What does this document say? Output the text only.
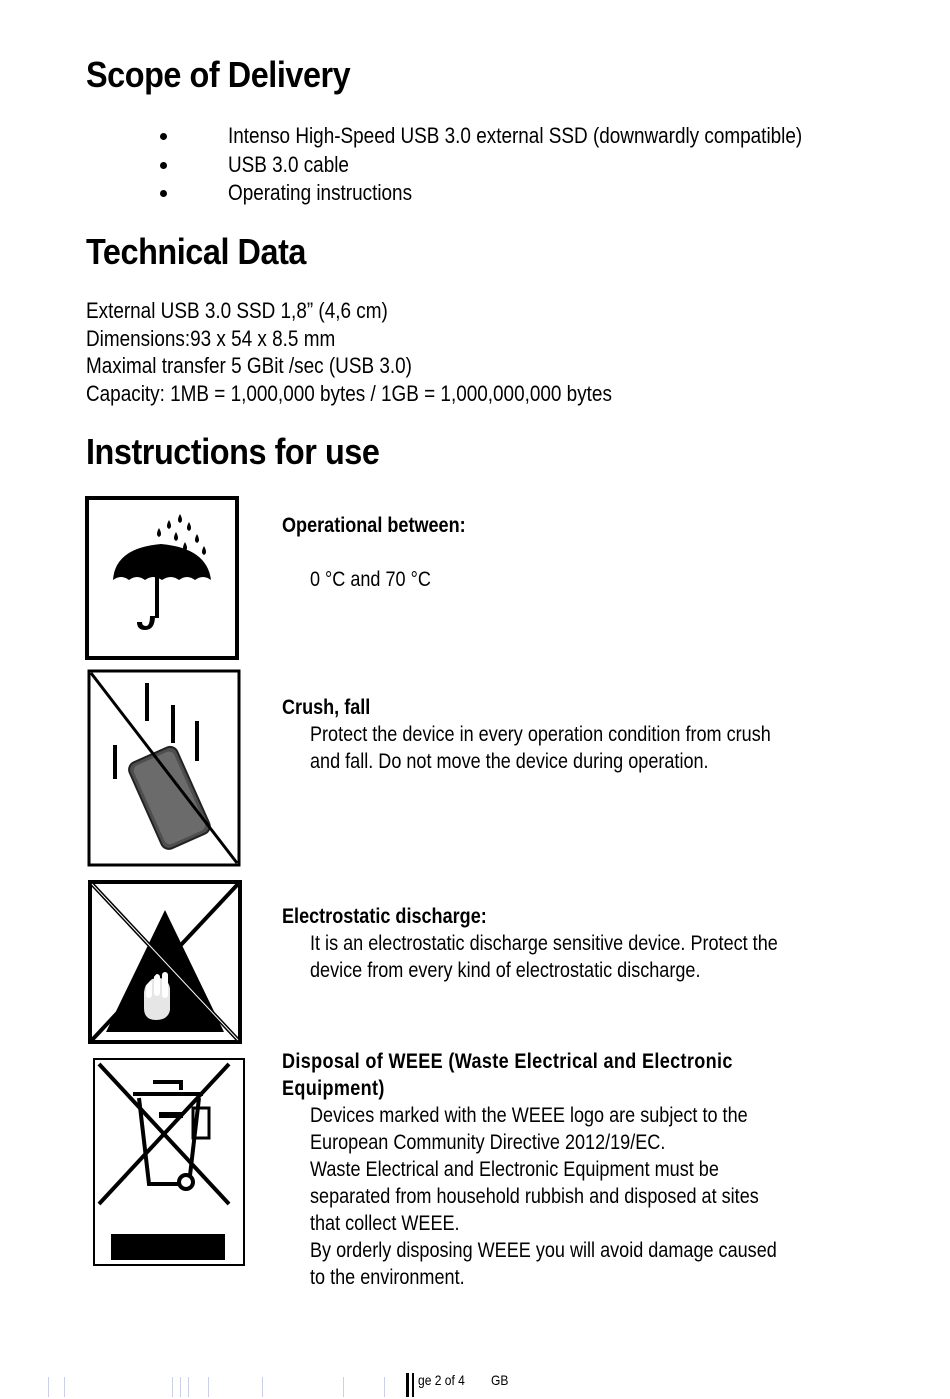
Scope of Delivery
Intenso High-Speed USB 3.0 external SSD (downwardly compatible)
USB 3.0 cable
Operating instructions
Technical Data
External USB 3.0 SSD 1,8” (4,6 cm)
Dimensions:93 x 54 x 8.5 mm
Maximal transfer 5 GBit /sec (USB 3.0)
Capacity: 1MB = 1,000,000 bytes / 1GB = 1,000,000,000 bytes
Instructions for use
Operational between:
0 °C and 70 °C
Crush, fall
Protect the device in every operation condition from crush
and fall. Do not move the device during operation.
Electrostatic discharge:
It is an electrostatic discharge sensitive device. Protect the
device from every kind of electrostatic discharge.
Disposal of WEEE (Waste Electrical and Electronic
Equipment)
Devices marked with the WEEE logo are subject to the
European Community Directive 2012/19/EC.
Waste Electrical and Electronic Equipment must be
separated from household rubbish and disposed at sites
that collect WEEE.
By orderly disposing WEEE you will avoid damage caused
to the environment.
ge 2 of 4 GB
